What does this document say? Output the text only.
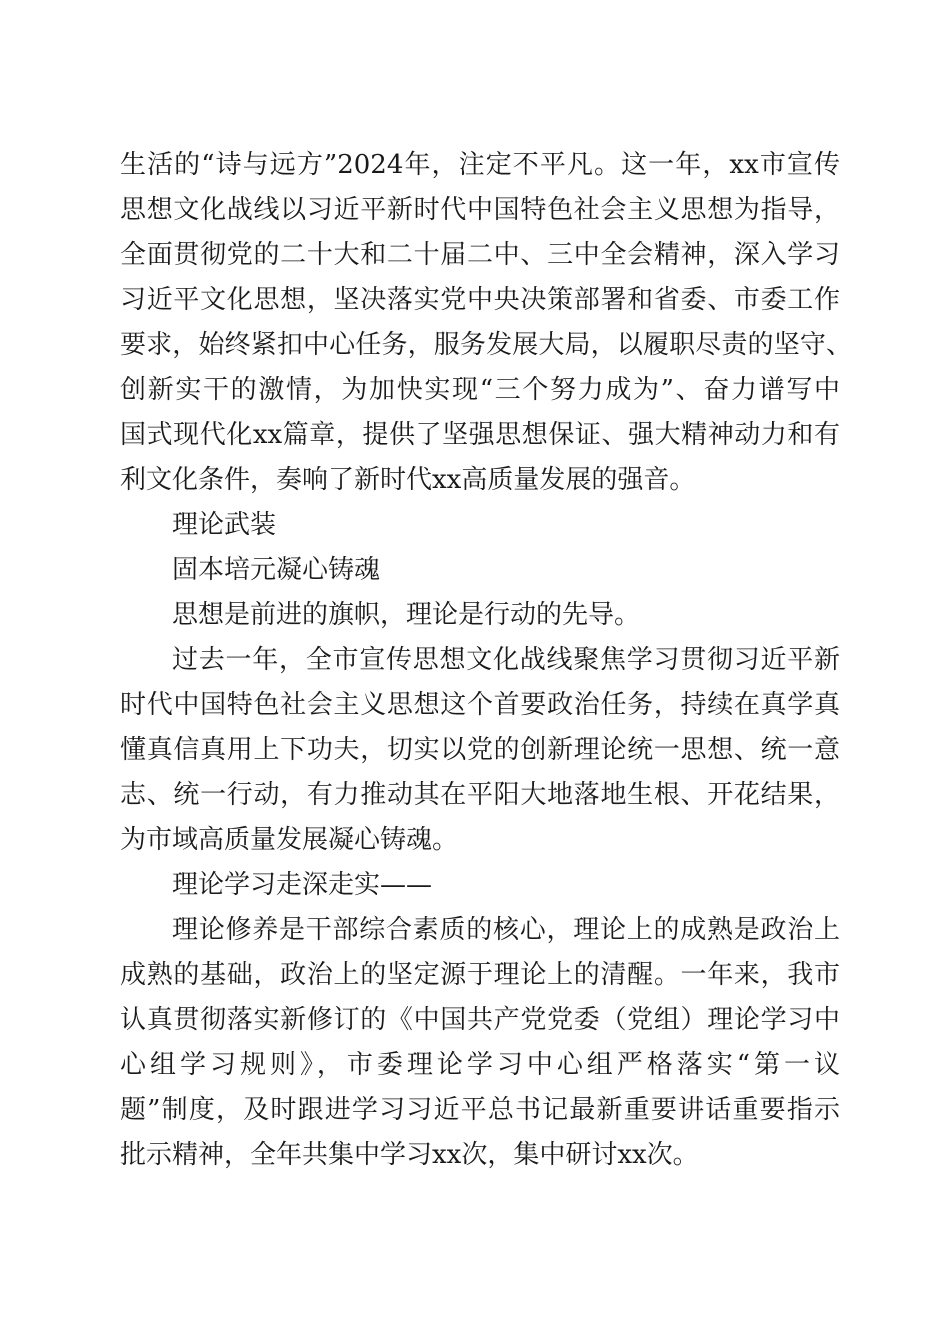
生活的“诗与远方”2024年，注定不平凡。这一年，xx市宣传
思想文化战线以习近平新时代中国特色社会主义思想为指导，
全面贯彻党的二十大和二十届二中、三中全会精神，深入学习
习近平文化思想，坚决落实党中央决策部署和省委、市委工作
要求，始终紧扣中心任务，服务发展大局，以履职尽责的坚守、
创新实干的激情，为加快实现“三个努力成为”、奋力谱写中
国式现代化xx篇章，提供了坚强思想保证、强大精神动力和有
利文化条件，奏响了新时代xx高质量发展的强音。
理论武装
固本培元凝心铸魂
思想是前进的旗帜，理论是行动的先导。
过去一年，全市宣传思想文化战线聚焦学习贯彻习近平新
时代中国特色社会主义思想这个首要政治任务，持续在真学真
懂真信真用上下功夫，切实以党的创新理论统一思想、统一意
志、统一行动，有力推动其在平阳大地落地生根、开花结果，
为市域高质量发展凝心铸魂。
理论学习走深走实——
理论修养是干部综合素质的核心，理论上的成熟是政治上
成熟的基础，政治上的坚定源于理论上的清醒。一年来，我市
认真贯彻落实新修订的《中国共产党党委（党组）理论学习中
心组学习规则》，市委理论学习中心组严格落实“第一议
题”制度，及时跟进学习习近平总书记最新重要讲话重要指示
批示精神，全年共集中学习xx次，集中研讨xx次。
